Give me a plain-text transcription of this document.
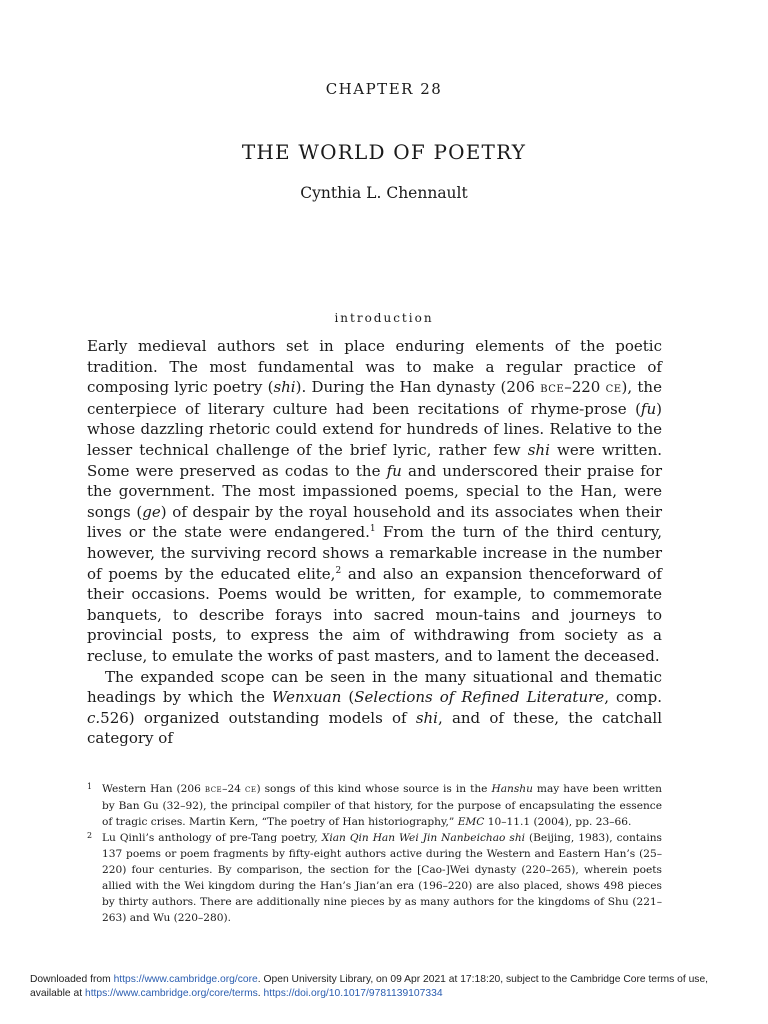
CHAPTER 28
THE WORLD OF POETRY
Cynthia L. Chennault
introduction

Early medieval authors set in place enduring elements of the poetic tradition. The most fundamental was to make a regular practice of composing lyric poetry (shi). During the Han dynasty (206 bce–220 ce), the centerpiece of literary culture had been recitations of rhyme-prose (fu) whose dazzling rhetoric could extend for hundreds of lines. Relative to the lesser technical challenge of the brief lyric, rather few shi were written. Some were preserved as codas to the fu and underscored their praise for the government. The most impassioned poems, special to the Han, were songs (ge) of despair by the royal household and its associates when their lives or the state were endangered.$^1$ From the turn of the third century, however, the surviving record shows a remarkable increase in the number of poems by the educated elite,$^2$ and also an expansion thenceforward of their occasions. Poems would be written, for example, to commemorate banquets, to describe forays into sacred moun-tains and journeys to provincial posts, to express the aim of withdrawing from society as a recluse, to emulate the works of past masters, and to lament the deceased.

The expanded scope can be seen in the many situational and thematic headings by which the Wenxuan (Selections of Refined Literature, comp. c.526) organized outstanding models of shi, and of these, the catchall category of

1 Western Han (206 bce–24 ce) songs of this kind whose source is in the Hanshu may have been written by Ban Gu (32–92), the principal compiler of that history, for the purpose of encapsulating the essence of tragic crises. Martin Kern, “The poetry of Han historiography,” EMC 10–11.1 (2004), pp. 23–66.

2 Lu Qinli’s anthology of pre-Tang poetry, Xian Qin Han Wei Jin Nanbeichao shi (Beijing, 1983), contains 137 poems or poem fragments by fifty-eight authors active during the Western and Eastern Han’s (25–220) four centuries. By comparison, the section for the [Cao-]Wei dynasty (220–265), wherein poets allied with the Wei kingdom during the Han’s Jian’an era (196–220) are also placed, shows 498 pieces by thirty authors. There are additionally nine pieces by as many authors for the kingdoms of Shu (221–263) and Wu (220–280).

Downloaded from https://www.cambridge.org/core. Open University Library, on 09 Apr 2021 at 17:18:20, subject to the Cambridge Core terms of use, available at https://www.cambridge.org/core/terms. https://doi.org/10.1017/9781139107334
